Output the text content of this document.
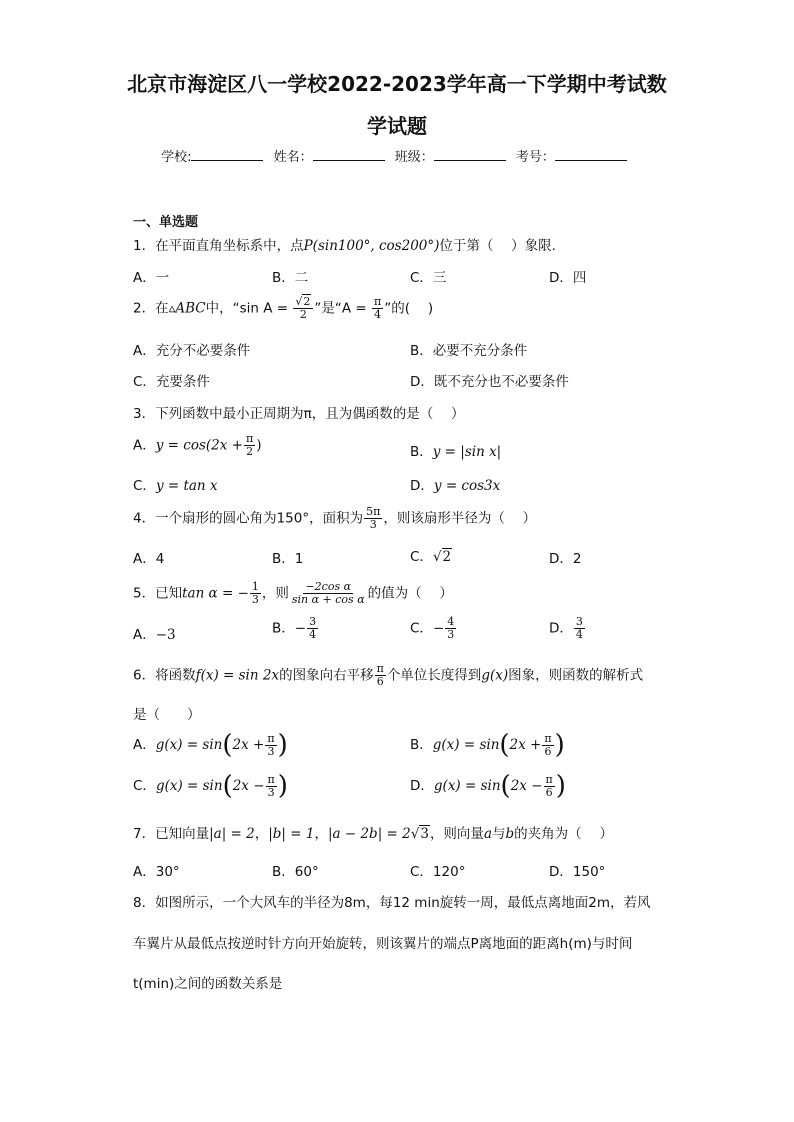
北京市海淀区八一学校2022-2023学年高一下学期中考试数
学试题
学校:	姓名：	班级：	考号：
一、单选题
1．在平面直角坐标系中，点P(sin100°, cos200°)位于第（　 ）象限.
A．一	B．二	C．三	D．四
2．在▵ABC中，“sin $A = \frac{√2}{2}$ ”是“$A = \frac{\pi}{4}$ ”的(　 )
A．充分不必要条件	B．必要不充分条件
C．充要条件	D．既不充分也不必要条件
3．下列函数中最小正周期为π，且为偶函数的是（　 ）
A．$y = \cos(2x + \frac{\pi}{2}$ )	B．y = |sin x|
C．y = tan x	D．y = cos3x
4．一个扇形的圆心角为150°，面积为 $\frac{5\pi}{3}$ ，则该扇形半径为（　 ）
A．4	B．1	C．√2	D．2
5．已知tan α = − $\frac{1}{3}$ ，则 $\frac{\text{−2cos α}}{\text{sin α + cos α}}$ 的值为（　 ）
A．−3	B．− $\frac{3}{4}$	C．− $\frac{4}{3}$	D． $\frac{3}{4}$
6．将函数f(x) = sin 2x的图象向右平移 $\frac{\pi}{6}$ 个单位长度得到g(x)图象，则函数的解析式
是（　　）
A．$g(x) = \sin(2x + \frac{\pi}{3}$ )	B．$g(x) = \sin(2x + \frac{\pi}{6}$ )
C．$g(x) = \sin(2x - \frac{\pi}{3}$ )	D．$g(x) = \sin(2x - \frac{\pi}{6}$ )
7．已知向量|a| = 2，|b| = 1，|a − 2b| = 2√3，则向量a与b的夹角为（　 ）
A．30°	B．60°	C．120°	D．150°
8．如图所示，一个大风车的半径为8m，每12 min旋转一周，最低点离地面2m，若风
车翼片从最低点按逆时针方向开始旋转，则该翼片的端点P离地面的距离h(m)与时间
t(min)之间的函数关系是
